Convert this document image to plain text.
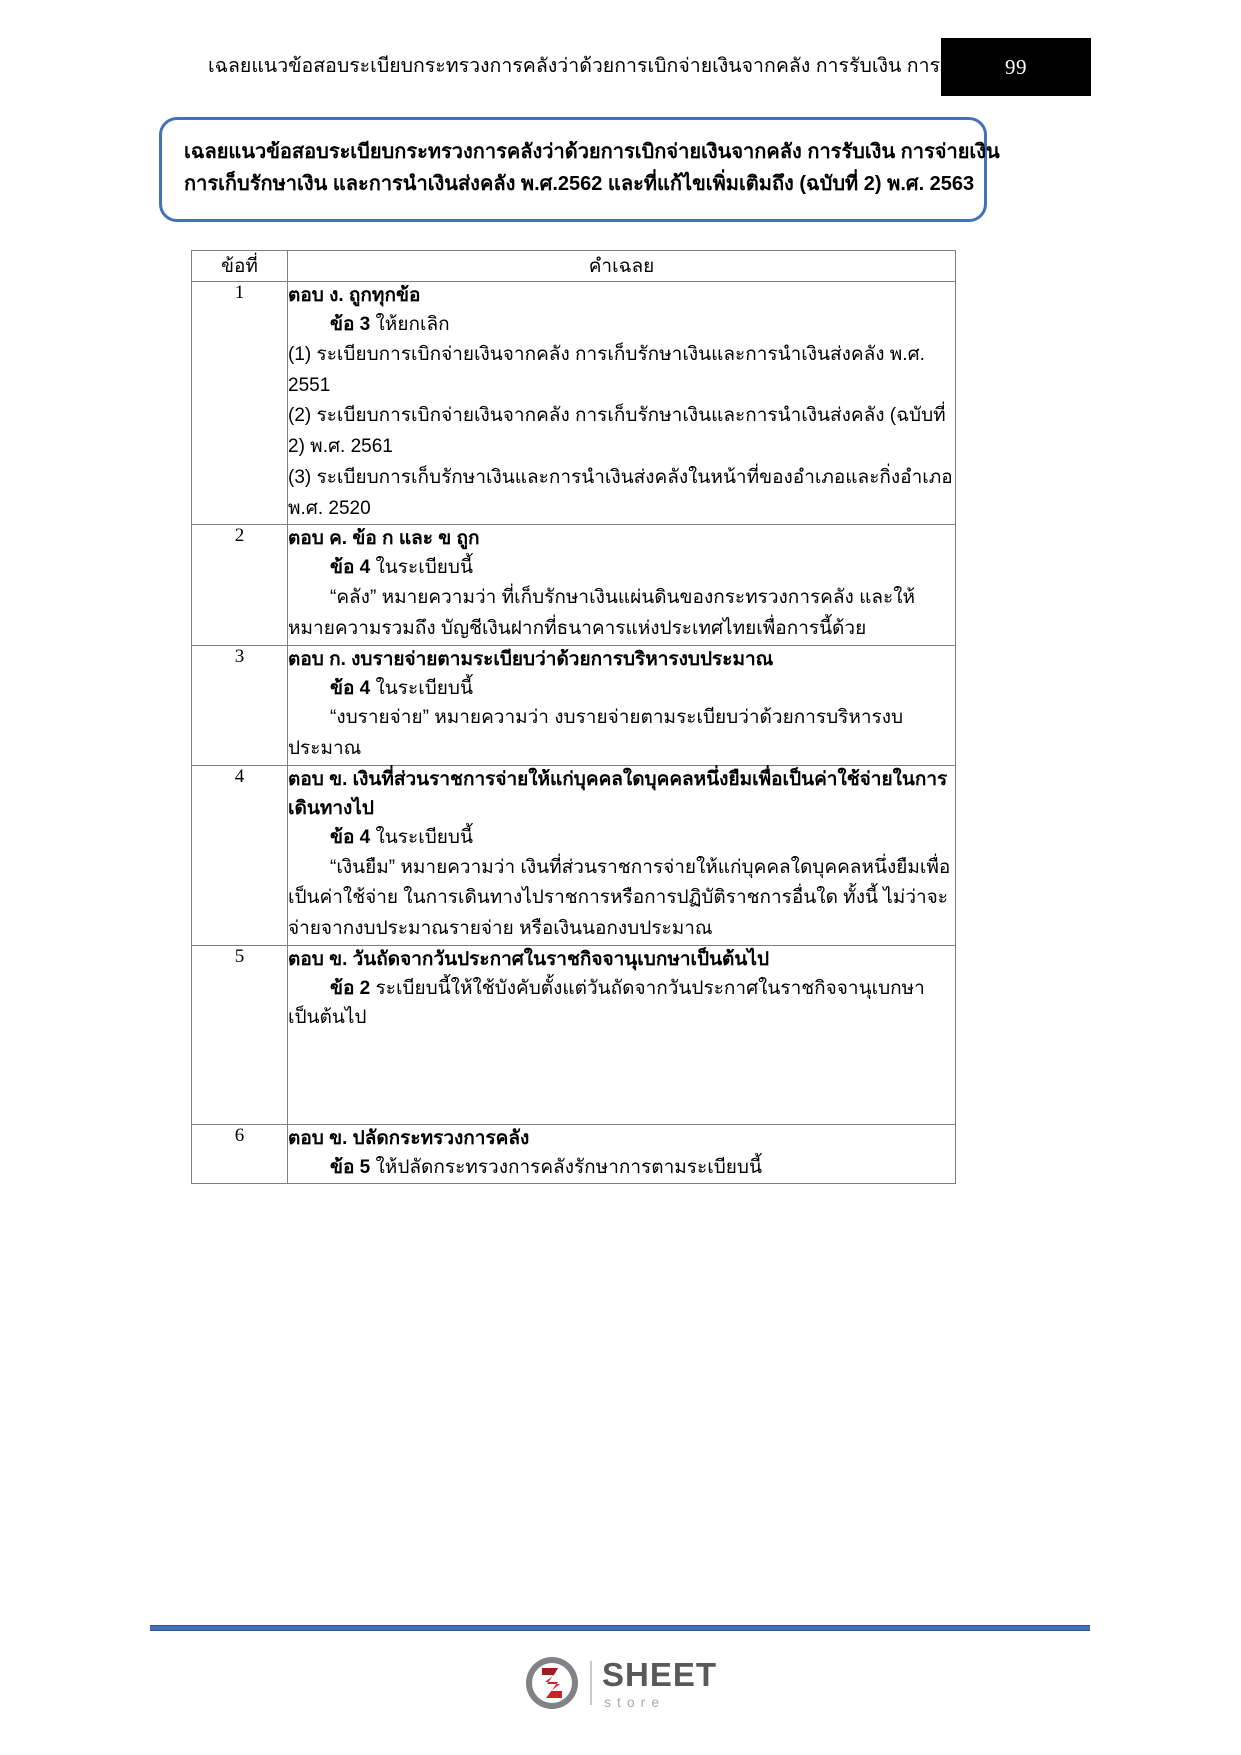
เฉลยแนวข้อสอบระเบียบกระทรวงการคลังว่าด้วยการเบิกจ่ายเงินจากคลัง การรับเงิน การ	99
เฉลยแนวข้อสอบระเบียบกระทรวงการคลังว่าด้วยการเบิกจ่ายเงินจากคลัง การรับเงิน การจ่ายเงิน
การเก็บรักษาเงิน และการนำเงินส่งคลัง พ.ศ.2562 และที่แก้ไขเพิ่มเติมถึง (ฉบับที่ 2) พ.ศ. 2563
ข้อที่	คำเฉลย
1	ตอบ ง. ถูกทุกข้อ

ข้อ 3 ให้ยกเลิก

(1) ระเบียบการเบิกจ่ายเงินจากคลัง การเก็บรักษาเงินและการนำเงินส่งคลัง พ.ศ. 2551

(2) ระเบียบการเบิกจ่ายเงินจากคลัง การเก็บรักษาเงินและการนำเงินส่งคลัง (ฉบับที่ 2) พ.ศ. 2561

(3) ระเบียบการเก็บรักษาเงินและการนำเงินส่งคลังในหน้าที่ของอำเภอและกิ่งอำเภอ พ.ศ. 2520

2	ตอบ ค. ข้อ ก และ ข ถูก

ข้อ 4 ในระเบียบนี้

“คลัง” หมายความว่า ที่เก็บรักษาเงินแผ่นดินของกระทรวงการคลัง และให้หมายความรวมถึง บัญชีเงินฝากที่ธนาคารแห่งประเทศไทยเพื่อการนี้ด้วย

3	ตอบ ก. งบรายจ่ายตามระเบียบว่าด้วยการบริหารงบประมาณ

ข้อ 4 ในระเบียบนี้

“งบรายจ่าย” หมายความว่า งบรายจ่ายตามระเบียบว่าด้วยการบริหารงบประมาณ

4	ตอบ ข. เงินที่ส่วนราชการจ่ายให้แก่บุคคลใดบุคคลหนึ่งยืมเพื่อเป็นค่าใช้จ่ายในการเดินทางไป

ข้อ 4 ในระเบียบนี้

“เงินยืม” หมายความว่า เงินที่ส่วนราชการจ่ายให้แก่บุคคลใดบุคคลหนึ่งยืมเพื่อเป็นค่าใช้จ่าย ในการเดินทางไปราชการหรือการปฏิบัติราชการอื่นใด ทั้งนี้ ไม่ว่าจะจ่ายจากงบประมาณรายจ่าย หรือเงินนอกงบประมาณ

5	ตอบ ข. วันถัดจากวันประกาศในราชกิจจานุเบกษาเป็นต้นไป

ข้อ 2 ระเบียบนี้ให้ใช้บังคับตั้งแต่วันถัดจากวันประกาศในราชกิจจานุเบกษาเป็นต้นไป

6	ตอบ ข. ปลัดกระทรวงการคลัง

ข้อ 5 ให้ปลัดกระทรวงการคลังรักษาการตามระเบียบนี้

SHEET
store
